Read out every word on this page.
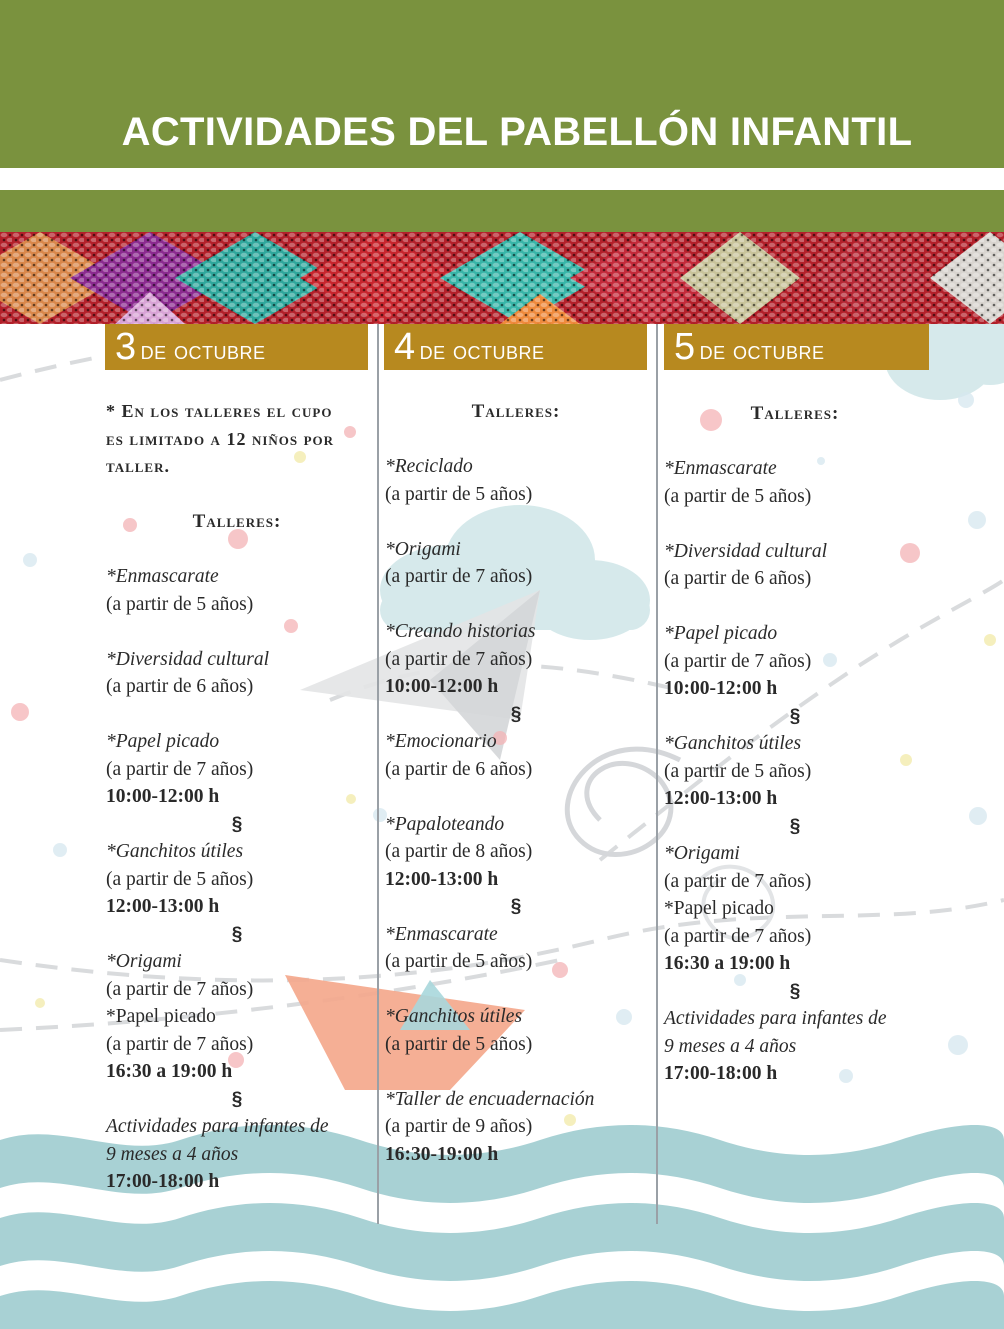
ACTIVIDADES DEL PABELLÓN INFANTIL
3 de octubre	4 de octubre	5 de octubre

* En los talleres el cupo

es limitado a 12 niños por

taller.

Talleres:

*Enmascarate

(a partir de 5 años)

*Diversidad cultural

(a partir de 6 años)

*Papel picado

(a partir de 7 años)

10:00-12:00 h

§

*Ganchitos útiles

(a partir de 5 años)

12:00-13:00 h

§

*Origami

(a partir de 7 años)

*Papel picado

(a partir de 7 años)

16:30 a 19:00 h

§

Actividades para infantes de

9 meses a 4 años

17:00-18:00 h

Talleres:

*Reciclado

(a partir de 5 años)

*Origami

(a partir de 7 años)

*Creando historias

(a partir de 7 años)

10:00-12:00 h

§

*Emocionario

(a partir de 6 años)

*Papaloteando

(a partir de 8 años)

12:00-13:00 h

§

*Enmascarate

(a partir de 5 años)

*Ganchitos útiles

(a partir de 5 años)

*Taller de encuadernación

(a partir de 9 años)

16:30-19:00 h

Talleres:

*Enmascarate

(a partir de 5 años)

*Diversidad cultural

(a partir de 6 años)

*Papel picado

(a partir de 7 años)

10:00-12:00 h

§

*Ganchitos útiles

(a partir de 5 años)

12:00-13:00 h

§

*Origami

(a partir de 7 años)

*Papel picado

(a partir de 7 años)

16:30 a 19:00 h

§

Actividades para infantes de

9 meses a 4 años

17:00-18:00 h
